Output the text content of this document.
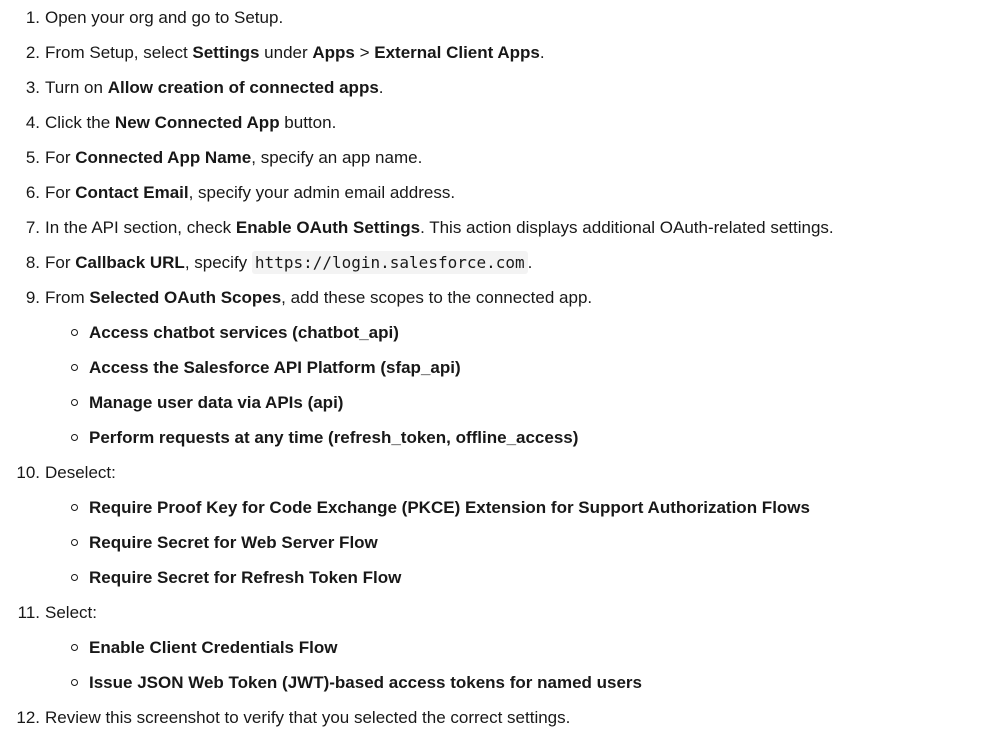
1. Open your org and go to Setup.
2. From Setup, select Settings under Apps > External Client Apps.
3. Turn on Allow creation of connected apps.
4. Click the New Connected App button.
5. For Connected App Name, specify an app name.
6. For Contact Email, specify your admin email address.
7. In the API section, check Enable OAuth Settings. This action displays additional OAuth-related settings.
8. For Callback URL, specify https://login.salesforce.com .
9. From Selected OAuth Scopes, add these scopes to the connected app.
Access chatbot services (chatbot_api)
Access the Salesforce API Platform (sfap_api)
Manage user data via APIs (api)
Perform requests at any time (refresh_token, offline_access)
10. Deselect:
Require Proof Key for Code Exchange (PKCE) Extension for Support Authorization Flows
Require Secret for Web Server Flow
Require Secret for Refresh Token Flow
11. Select:
Enable Client Credentials Flow
Issue JSON Web Token (JWT)-based access tokens for named users
12. Review this screenshot to verify that you selected the correct settings.
